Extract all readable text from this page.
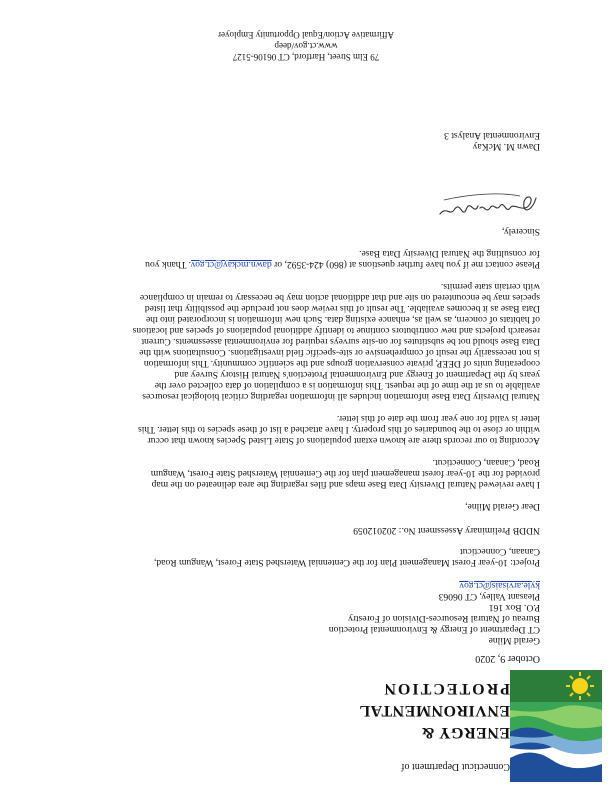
Connecticut Department of
ENERGY &
ENVIRONMENTAL
PROTECTION
October 9, 2020
Gerald Milne
CT Department of Energy & Environmental Protection
Bureau of Natural Resources-Division of Forestry
P.O. Box 161
Pleasant Valley, CT 06063
kyle.arvisais@ct.gov
Project: 10-year Forest Management Plan for the Centennial Watershed State Forest, Wangum Road,
Canaan, Connecticut
NDDB Preliminary Assessment No.: 202012059
Dear Gerald Milne,
I have reviewed Natural Diversity Data Base maps and files regarding the area delineated on the map
provided for the 10-year forest management plan for the Centennial Watershed State Forest, Wangum
Road, Canaan, Connecticut.
According to our records there are known extant populations of State Listed Species known that occur
within or close to the boundaries of this property. I have attached a list of these species to this letter. This
letter is valid for one year from the date of this letter.
Natural Diversity Data Base information includes all information regarding critical biological resources
available to us at the time of the request. This information is a compilation of data collected over the
years by the Department of Energy and Environmental Protection's Natural History Survey and
cooperating units of DEEP, private conservation groups and the scientific community. This information
is not necessarily the result of comprehensive or site-specific field investigations. Consultations with the
Data Base should not be substitutes for on-site surveys required for environmental assessments. Current
research projects and new contributors continue to identify additional populations of species and locations
of habitats of concern, as well as, enhance existing data. Such new information is incorporated into the
Data Base as it becomes available. The result of this review does not preclude the possibility that listed
species may be encountered on site and that additional action may be necessary to remain in compliance
with certain state permits.
Please contact me if you have further questions at (860) 424-3592, or dawn.mckay@ct.gov. Thank you
for consulting the Natural Diversity Data Base.
Sincerely,
Dawn M. McKay
Environmental Analyst 3
79 Elm Street, Hartford, CT 06106-5127
www.ct.gov/deep
Affirmative Action/Equal Opportunity Employer
